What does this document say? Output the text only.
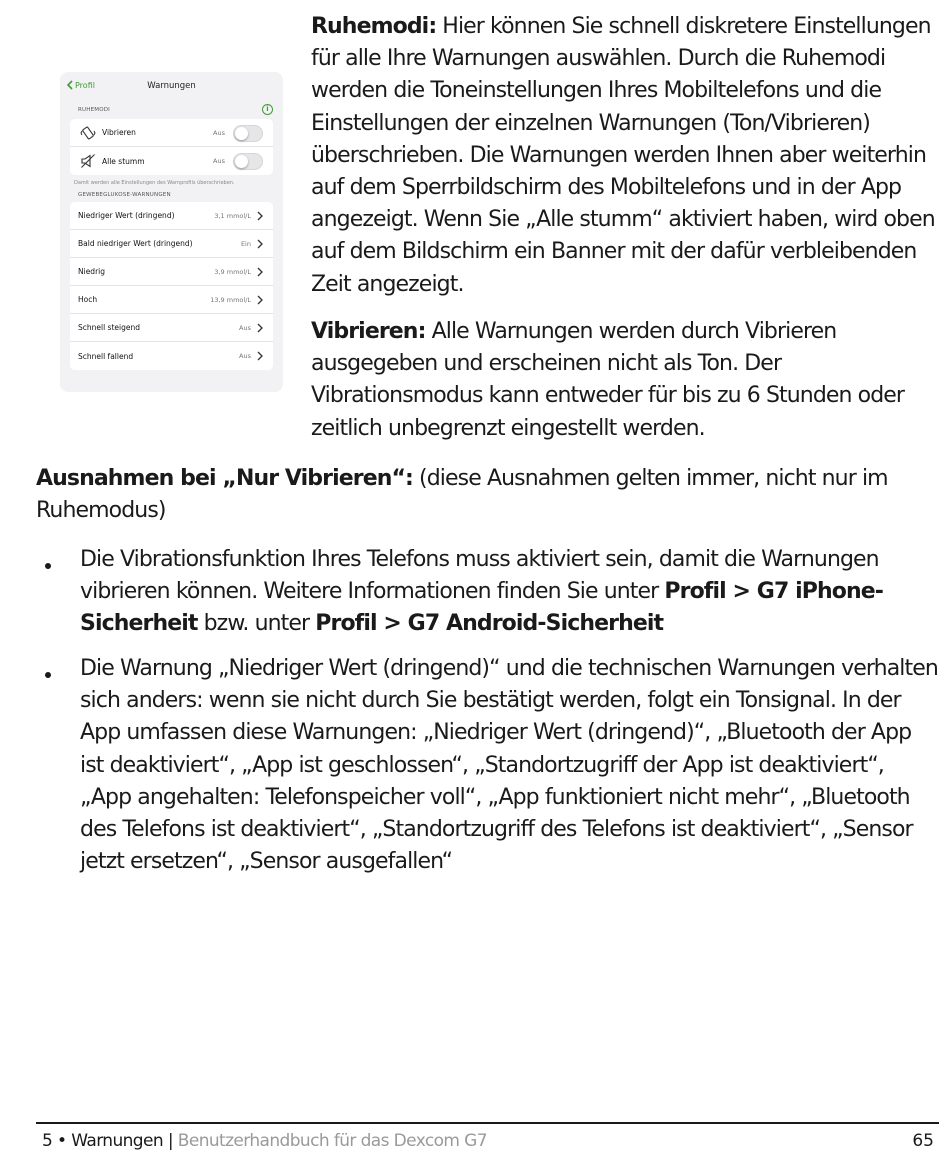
Profil	Warnungen
RUHEMODI	i
Vibrieren	Aus
Alle stumm	Aus
Damit werden alle Einstellungen des Warnprofils überschrieben.
GEWEBEGLUKOSE-WARNUNGEN
Niedriger Wert (dringend)	3,1 mmol/L
Bald niedriger Wert (dringend)	Ein
Niedrig	3,9 mmol/L
Hoch	13,9 mmol/L
Schnell steigend	Aus
Schnell fallend	Aus
Ruhemodi: Hier können Sie schnell diskretere Einstellungen für alle Ihre Warnungen auswählen. Durch die Ruhemodi werden die Toneinstellungen Ihres Mobiltelefons und die Einstellungen der einzelnen Warnungen (Ton/Vibrieren) überschrieben. Die Warnungen werden Ihnen aber weiterhin auf dem Sperrbildschirm des Mobiltelefons und in der App angezeigt. Wenn Sie „Alle stumm“ aktiviert haben, wird oben auf dem Bildschirm ein Banner mit der dafür verbleibenden Zeit angezeigt.
Vibrieren: Alle Warnungen werden durch Vibrieren ausgegeben und erscheinen nicht als Ton. Der Vibrationsmodus kann entweder für bis zu 6 Stunden oder zeitlich unbegrenzt eingestellt werden.
Ausnahmen bei „Nur Vibrieren“: (diese Ausnahmen gelten immer, nicht nur im Ruhemodus)
Die Vibrationsfunktion Ihres Telefons muss aktiviert sein, damit die Warnungen vibrieren können. Weitere Informationen finden Sie unter Profil > G7 iPhone-Sicherheit bzw. unter Profil > G7 Android-Sicherheit
Die Warnung „Niedriger Wert (dringend)“ und die technischen Warnungen verhalten sich anders: wenn sie nicht durch Sie bestätigt werden, folgt ein Tonsignal. In der App umfassen diese Warnungen: „Niedriger Wert (dringend)“, „Bluetooth der App ist deaktiviert“, „App ist geschlossen“, „Standortzugriff der App ist deaktiviert“, „App angehalten: Telefonspeicher voll“, „App funktioniert nicht mehr“, „Bluetooth des Telefons ist deaktiviert“, „Standortzugriff des Telefons ist deaktiviert“, „Sensor jetzt ersetzen“, „Sensor ausgefallen“
5 • Warnungen | Benutzerhandbuch für das Dexcom G7	65
